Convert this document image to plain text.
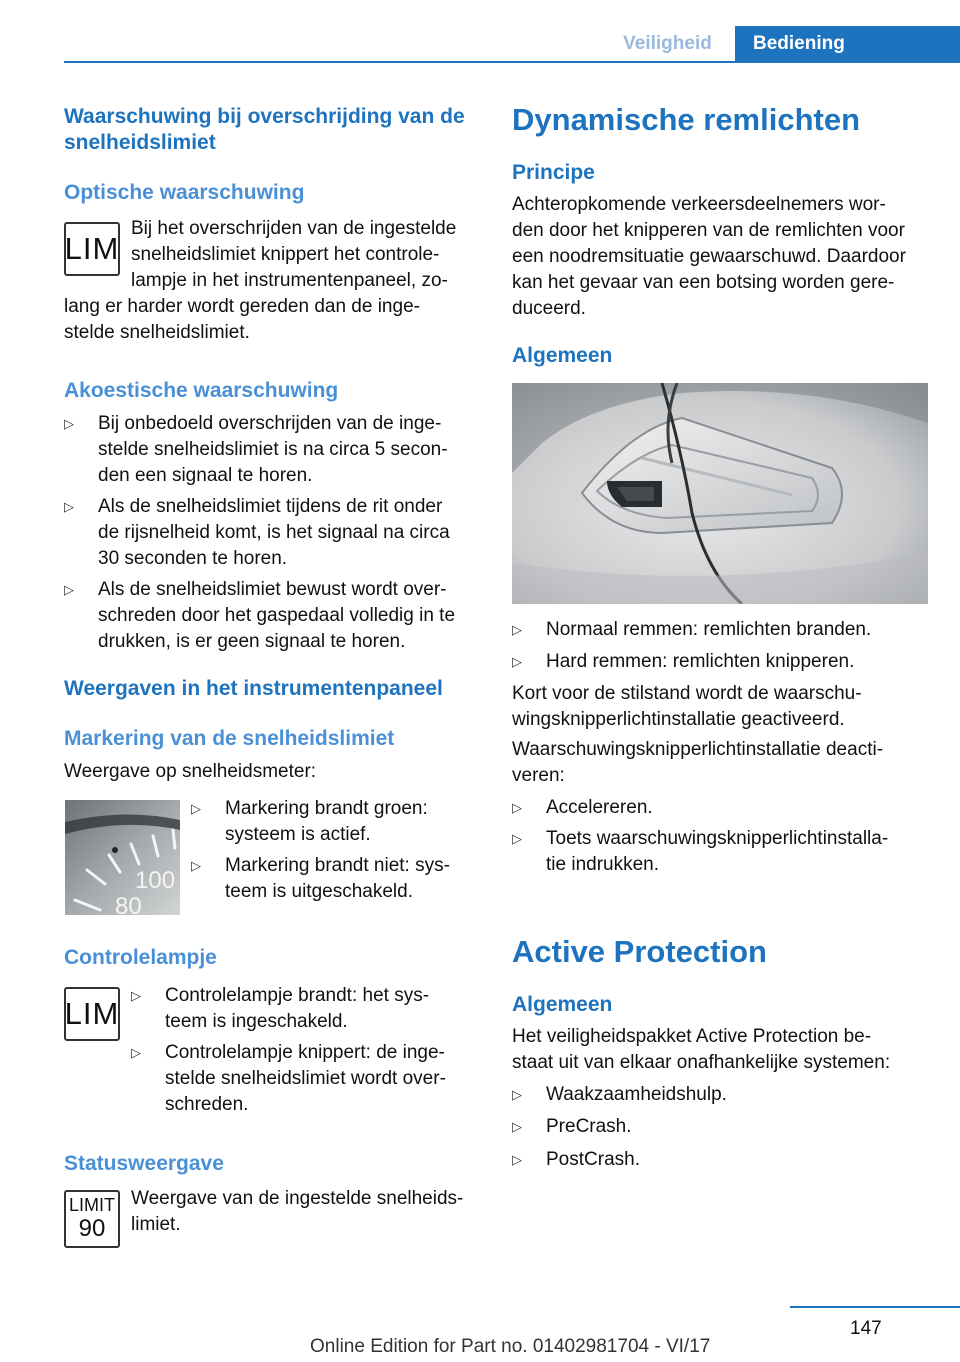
Veiligheid	Bediening
Waarschuwing bij overschrijding van de snelheidslimiet
Optische waarschuwing
LIM
Bij het overschrijden van de ingestelde
snelheidslimiet knippert het controle-
lampje in het instrumentenpaneel, zo-
lang er harder wordt gereden dan de inge-
stelde snelheidslimiet.
Akoestische waarschuwing
▷ Bij onbedoeld overschrijden van de inge-
stelde snelheidslimiet is na circa 5 secon-
den een signaal te horen.
▷ Als de snelheidslimiet tijdens de rit onder
de rijsnelheid komt, is het signaal na circa
30 seconden te horen.
▷ Als de snelheidslimiet bewust wordt over-
schreden door het gaspedaal volledig in te
drukken, is er geen signaal te horen.
Weergaven in het instrumentenpaneel
Markering van de snelheidslimiet
Weergave op snelheidsmeter:
100
80
▷ Markering brandt groen:
systeem is actief.
▷ Markering brandt niet: sys-
teem is uitgeschakeld.
Controlelampje
LIM
▷ Controlelampje brandt: het sys-
teem is ingeschakeld.
▷ Controlelampje knippert: de inge-
stelde snelheidslimiet wordt over-
schreden.
Statusweergave
LIMIT
90
Weergave van de ingestelde snelheids-
limiet.
Dynamische remlichten
Principe
Achteropkomende verkeersdeelnemers wor-
den door het knipperen van de remlichten voor
een noodremsituatie gewaarschuwd. Daardoor
kan het gevaar van een botsing worden gere-
duceerd.
Algemeen
▷ Normaal remmen: remlichten branden.
▷ Hard remmen: remlichten knipperen.
Kort voor de stilstand wordt de waarschu-
wingsknipperlichtinstallatie geactiveerd.
Waarschuwingsknipperlichtinstallatie deacti-
veren:
▷ Accelereren.
▷ Toets waarschuwingsknipperlichtinstalla-
tie indrukken.
Active Protection
Algemeen
Het veiligheidspakket Active Protection be-
staat uit van elkaar onafhankelijke systemen:
▷ Waakzaamheidshulp.
▷ PreCrash.
▷ PostCrash.
147
Online Edition for Part no. 01402981704 - VI/17
